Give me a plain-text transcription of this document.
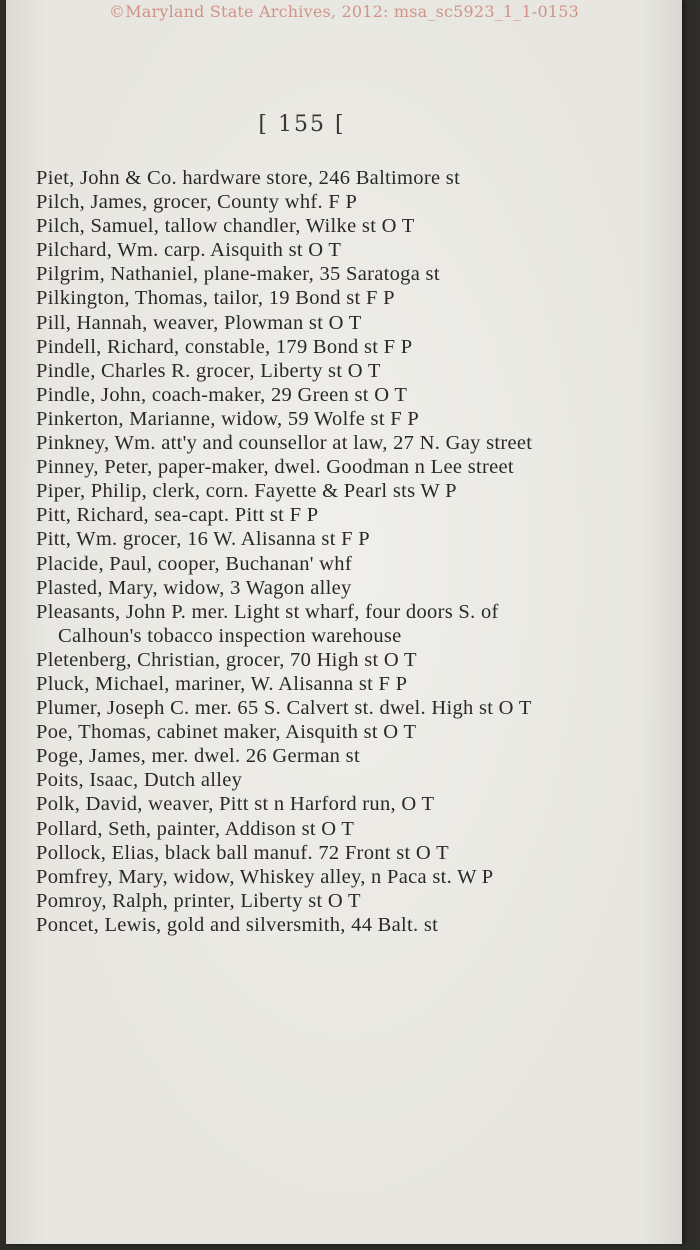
©Maryland State Archives, 2012: msa_sc5923_1_1-0153
[ 155 [
Piet, John & Co. hardware store, 246 Baltimore st
Pilch, James, grocer, County whf. F P
Pilch, Samuel, tallow chandler, Wilke st O T
Pilchard, Wm. carp. Aisquith st O T
Pilgrim, Nathaniel, plane-maker, 35 Saratoga st
Pilkington, Thomas, tailor, 19 Bond st F P
Pill, Hannah, weaver, Plowman st O T
Pindell, Richard, constable, 179 Bond st F P
Pindle, Charles R. grocer, Liberty st O T
Pindle, John, coach-maker, 29 Green st O T
Pinkerton, Marianne, widow, 59 Wolfe st F P
Pinkney, Wm. att'y and counsellor at law, 27 N. Gay street
Pinney, Peter, paper-maker, dwel. Goodman n Lee street
Piper, Philip, clerk, corn. Fayette & Pearl sts W P
Pitt, Richard, sea-capt. Pitt st F P
Pitt, Wm. grocer, 16 W. Alisanna st F P
Placide, Paul, cooper, Buchanan' whf
Plasted, Mary, widow, 3 Wagon alley
Pleasants, John P. mer. Light st wharf, four doors S. of Calhoun's tobacco inspection warehouse
Pletenberg, Christian, grocer, 70 High st O T
Pluck, Michael, mariner, W. Alisanna st F P
Plumer, Joseph C. mer. 65 S. Calvert st. dwel. High st O T
Poe, Thomas, cabinet maker, Aisquith st O T
Poge, James, mer. dwel. 26 German st
Poits, Isaac, Dutch alley
Polk, David, weaver, Pitt st n Harford run, O T
Pollard, Seth, painter, Addison st O T
Pollock, Elias, black ball manuf. 72 Front st O T
Pomfrey, Mary, widow, Whiskey alley, n Paca st. W P
Pomroy, Ralph, printer, Liberty st O T
Poncet, Lewis, gold and silversmith, 44 Balt. st
